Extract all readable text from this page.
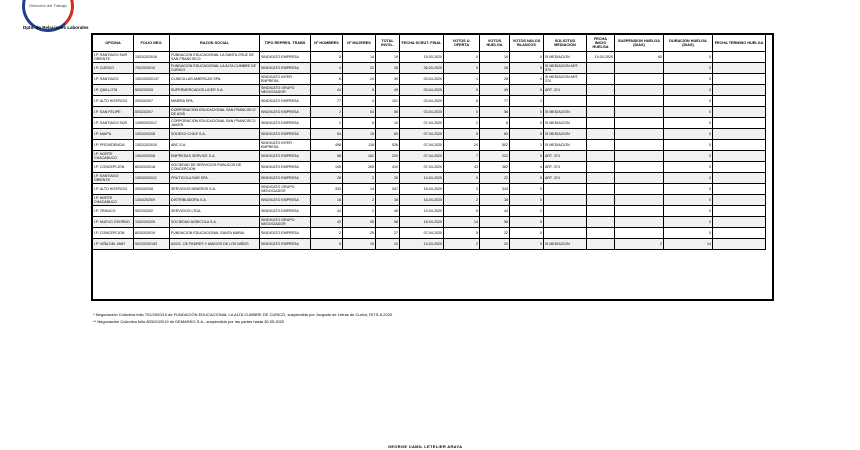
Dirección del Trabajo
Dpto. de Relaciones Laborales
OFICINA	FOLIO NEG.	RAZON SOCIAL	TIPO REPRES. TRABS	Nº HOMBRES	Nº MUJERES	TOTAL INVOL.	FECHA SCRUT. FINAL	VOTOS U. OFERTA	VOTOS HUELGA	VOTOS NULOS BLANCOS	SOLICITUD MEDIACION	FECHA INICIO HUELGA	SUSPENSION HUELGA (DIAS)	DURACION HUELGA (DIAS)	FECHA TERMINO HUELGA
I.P. SANTIAGO SUR ORIENTE	1303/2020/16	FUNDACION EDUCACIONAL LA SANTA CRUZ DE SAN FRANCISCO	SINDICATO EMPRESA	5	14	19	19-03-2020	0	19	0	SI MEDIACION	19-03-2020	60	0	
I.P. CURICO	702/2020/10	FUNDACION EDUCACIONAL LA ALTA CUMBRE DE CURICO	SINDICATO EMPRESA	4	22	26	26-03-2020	0	26	0	SI MEDIACION ART. 374			0	
I.P. SANTIAGO	1301/2020/137	CLINICA LAS AMERICAS SPA.	SINDICATO INTER EMPRESA	6	24	30	03-04-2020	1	28	0	SI MEDIACION ART. 374			0	
I.P. QUILLOTA	503/2020/5	SUPERMERCADOS LIDER S.A.	SINDICATO GRUPO NEGOCIADOR	44	5	49	03-04-2020	0	49	0	ART. 374			0	
I.P. ALTO HOSPICIO	203/2020/7	MINERA SPA.	SINDICATO EMPRESA	77	4	101	03-04-2020	6	77	1				0	
I.P. SAN FELIPE	503/2020/7	CORPORACION EDUCACIONAL SAN FRANCISCO DE ASIS	SINDICATO EMPRESA	2	54	56	03-04-2020	0	56	0	SI MEDIACION			0	
I.P. SANTIAGO SUR	1305/2020/17	CORPORACION EDUCACIONAL SAN FRANCISCO JAVIER	SINDICATO EMPRESA	2	8	10	07-04-2020	2	8	0	SI MEDIACION			0	
I.P. MAIPU	1303/2020/8	SODEXO CHILE S.A.	SINDICATO EMPRESA	54	15	69	07-04-2020	0	69	0	SI MEDIACION			0	
I.P. PROVIDENCIA	1302/2020/10	ABC S.A.	SINDICATO INTER EMPRESA	408	118	526	07-04-2020	24	502	1	SI MEDIACION			0	
I.P. NORTE CHACABUCO	1304/2020/8	EMPRESAS SERVICE S.A.	SINDICATO EMPRESA	58	162	220	07-04-2020	7	222	0	ART. 374			0	
I.P. CONCEPCION	803/2020/18	SOCIEDAD DE SERVICIOS PUBLICOS DE CONCEPCION	SINDICATO EMPRESA	145	265	410	07-04-2020	43	362	4	ART. 374			0	
I.P. SANTIAGO ORIENTE	1303/2020/21	FRUTICOLA SUR SPA.	SINDICATO EMPRESA	28	2	30	13-04-2020	0	22	0	ART. 374			0	
I.P. ALTO HOSPICIO	203/2020/8	SERVICIOS MINEROS S.A.	SINDICATO GRUPO NEGOCIADOR	333	14	347	16-04-2020	3	343	0				0	
I.P. NORTE CHACABUCO	1304/2020/9	DISTRIBUIDORA S.A.	SINDICATO EMPRESA	16	2	18	16-04-2020	2	18	0				0	
I.P. TEMUCO	902/2020/2	SERVICIOS LTDA.	SINDICATO EMPRESA	44	2	46	13-04-2020	5	44	2				0	
I.P. NUEVO OSORNO	1002/2020/5	SOCIEDAD AGRICOLA S.A.	SINDICATO GRUPO NEGOCIADOR	43	55	98	18-04-2020	14	98	0				0	
I.P. CONCEPCION	803/2020/19	FUNDACION EDUCACIONAL SANTA MARIA	SINDICATO EMPRESA	2	25	27	07-04-2020	5	22	0				0	
I.P. VIÑA DEL MAR	502/2020/153	ASOC. DE PADRES Y AMIGOS DE LOS NIÑOS	SINDICATO EMPRESA	5	19	24	13-04-2020	2	20	0	SI MEDIACION		2	14	
* Negociación Colectiva folio 702/2020/10 de FUNDACIÓN EDUCACIONAL LA ALTA CUMBRE DE CURICÓ, suspendida por Juzgado de Letras de Curicó, RITS-5-2020
** Negociación Colectiva folio 803/2020/19 de DEMARKO S.A., suspendida por las partes hasta 30.05.2020
GEORGE CAMIL LETELIER ARAYA
